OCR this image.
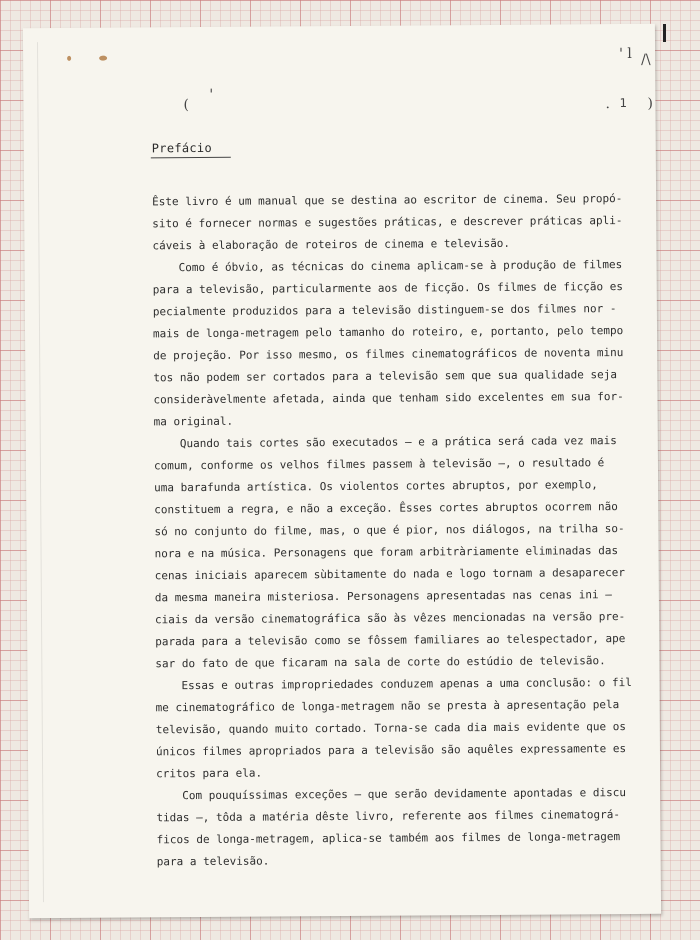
(
'
' l /\
)
. 1
Prefácio
Êste livro é um manual que se destina ao escritor de cinema. Seu propó-
sito é fornecer normas e sugestões práticas, e descrever práticas apli-
cáveis à elaboração de roteiros de cinema e televisão.
Como é óbvio, as técnicas do cinema aplicam-se à produção de filmes
para a televisão, particularmente aos de ficção. Os filmes de ficção es
pecialmente produzidos para a televisão distinguem-se dos filmes nor -
mais de longa-metragem pelo tamanho do roteiro, e, portanto, pelo tempo
de projeção. Por isso mesmo, os filmes cinematográficos de noventa minu
tos não podem ser cortados para a televisão sem que sua qualidade seja
consideràvelmente afetada, ainda que tenham sido excelentes em sua for-
ma original.
Quando tais cortes são executados — e a prática será cada vez mais
comum, conforme os velhos filmes passem à televisão —, o resultado é
uma barafunda artística. Os violentos cortes abruptos, por exemplo,
constituem a regra, e não a exceção. Êsses cortes abruptos ocorrem não
só no conjunto do filme, mas, o que é pior, nos diálogos, na trilha so-
nora e na música. Personagens que foram arbitràriamente eliminadas das
cenas iniciais aparecem sùbitamente do nada e logo tornam a desaparecer
da mesma maneira misteriosa. Personagens apresentadas nas cenas ini —
ciais da versão cinematográfica são às vêzes mencionadas na versão pre-
parada para a televisão como se fôssem familiares ao telespectador, ape
sar do fato de que ficaram na sala de corte do estúdio de televisão.
Essas e outras impropriedades conduzem apenas a uma conclusão: o fil
me cinematográfico de longa-metragem não se presta à apresentação pela
televisão, quando muito cortado. Torna-se cada dia mais evidente que os
únicos filmes apropriados para a televisão são aquêles expressamente es
critos para ela.
Com pouquíssimas exceções — que serão devidamente apontadas e discu
tidas —, tôda a matéria dêste livro, referente aos filmes cinematográ-
ficos de longa-metragem, aplica-se também aos filmes de longa-metragem
para a televisão.
